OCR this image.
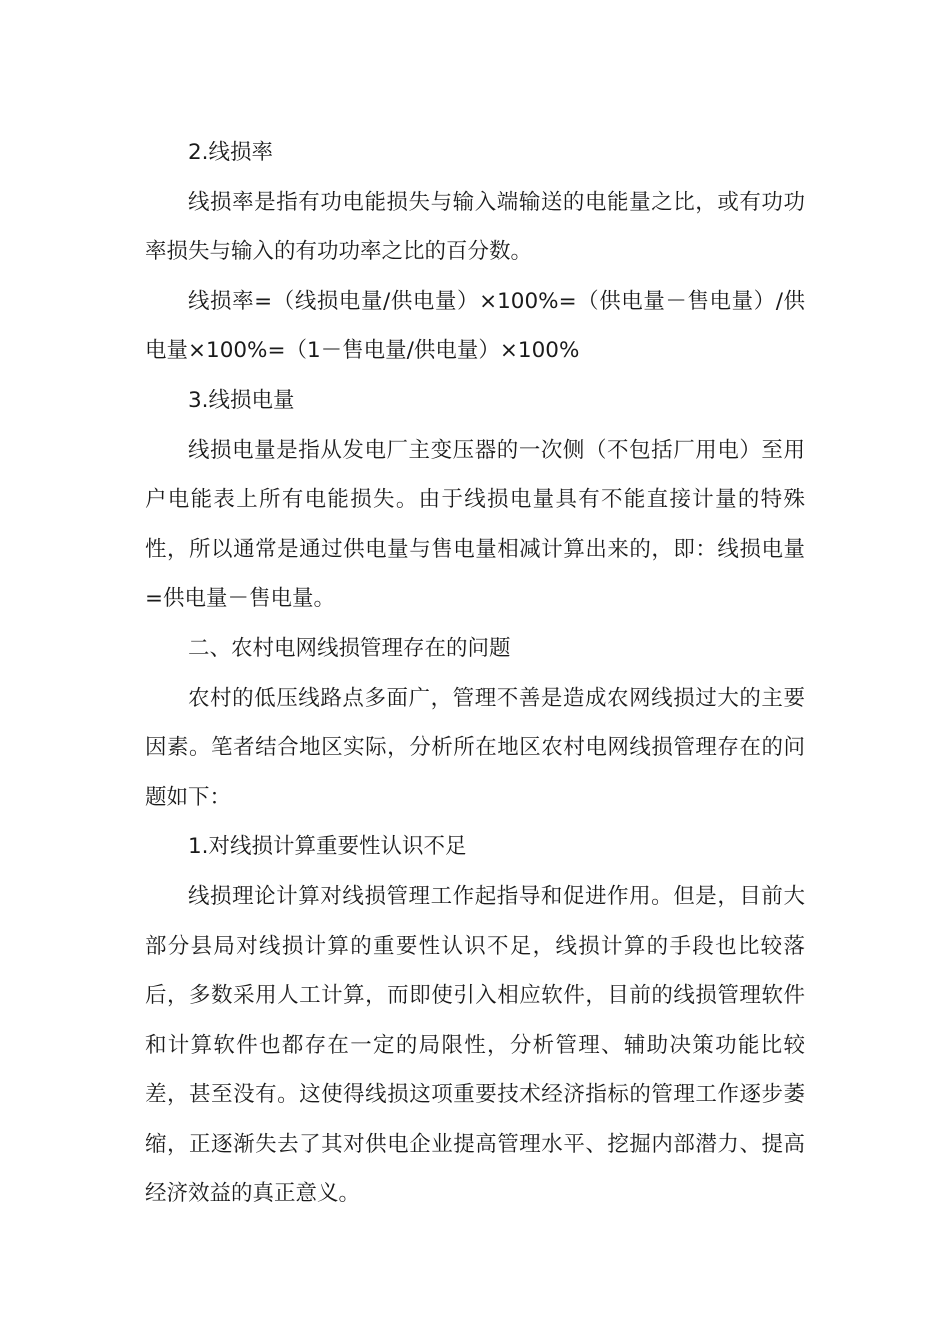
2.线损率

线损率是指有功电能损失与输入端输送的电能量之比，或有功功率损失与输入的有功功率之比的百分数。

线损率=（线损电量/供电量）×100%=（供电量－售电量）/供电量×100%=（1－售电量/供电量）×100%

3.线损电量

线损电量是指从发电厂主变压器的一次侧（不包括厂用电）至用户电能表上所有电能损失。由于线损电量具有不能直接计量的特殊性，所以通常是通过供电量与售电量相减计算出来的，即：线损电量=供电量－售电量。

二、农村电网线损管理存在的问题

农村的低压线路点多面广，管理不善是造成农网线损过大的主要因素。笔者结合地区实际，分析所在地区农村电网线损管理存在的问题如下：

1.对线损计算重要性认识不足

线损理论计算对线损管理工作起指导和促进作用。但是，目前大部分县局对线损计算的重要性认识不足，线损计算的手段也比较落后，多数采用人工计算，而即使引入相应软件，目前的线损管理软件和计算软件也都存在一定的局限性，分析管理、辅助决策功能比较差，甚至没有。这使得线损这项重要技术经济指标的管理工作逐步萎缩，正逐渐失去了其对供电企业提高管理水平、挖掘内部潜力、提高经济效益的真正意义。
